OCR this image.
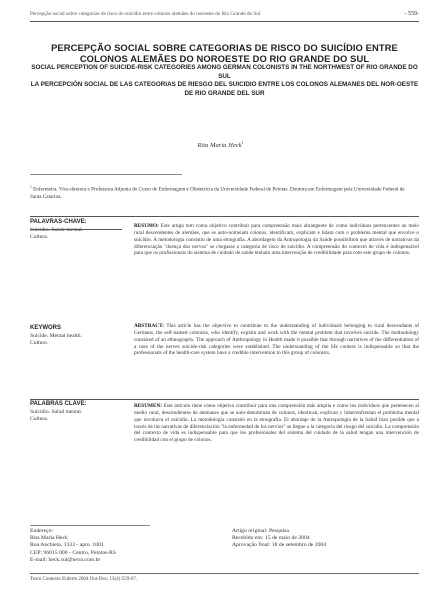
Percepção social sobre categorias de risco do suicídio entre colonos alemães do noroeste do Rio Grande do Sul	- 559-
PERCEPÇÃO SOCIAL SOBRE CATEGORIAS DE RISCO DO SUICÍDIO ENTRE COLONOS ALEMÃES DO NOROESTE DO RIO GRANDE DO SUL
SOCIAL PERCEPTION OF SUICIDE-RISK CATEGORIES AMONG GERMAN COLONISTS IN THE NORTHWEST OF RIO GRANDE DO SUL
LA PERCEPCIÓN SOCIAL DE LAS CATEGORIAS DE RIESGO DEL SUICIDIO ENTRE LOS COLONOS ALEMANES DEL NOR-OESTE DE RIO GRANDE DEL SUR
Rita Maria Heck$^1$
$^1$ Enfermeira. Vice-diretora e Professora Adjunta do Curso de Enfermagem e Obstetrícia da Universidade Federal de Pelotas. Doutora em Enfermagem pela Universidade Federal de Santa Catarina.
PALAVRAS-CHAVE:
Suicídio. Saúde mental.
Cultura.
RESUMO: Este artigo tem como objetivo contribuir para compreensão mais abrangente de como indivíduos pertencentes ao meio rural descendentes de alemães, que se auto-nomeiam colonos, identificam, explicam e lidam com o problema mental que envolve o suicídio. A metodologia consistiu de uma etnografia. A abordagem da Antropologia da Saúde possibilitou que através de narrativas da diferenciação "doença dos nervos" se chegasse a categoria de risco de suicídio. A compreensão do contexto de vida é indispensável para que os profissionais do sistema de cuidado de saúde tenham uma intervenção de credibilidade para com este grupo de colonos.
KEYWORS
Suicide. Mental health.
Culture.
ABSTRACT: This article has the objective to contribute to the understanding of individuals belonging to rural descendants of Germans, the self-named colonists, who identify, explain and work with the mental problem that involves suicide. The methodology consisted of an ethnography. The approach of Anthropology in Health made it possible that through narratives of the differentiation of a case of the nerves suicide-risk categories were established. The understanding of the life context is indispensable so that the professionals of the health-care system have a credible intervention to this group of colonists.
PALABRAS CLAVE:
Suicidio. Salud mental.
Cultura.
RESUMEN: Este artículo tiene como objetivo contribuir para una comprensión más amplia e como los individuos que pertenecen al medio rural, descendientes de alemanes que se auto-denominan de colonos, identican, explican y lidan/enfrentan el problema mental que involucra el suicidio. La metodología consistió en la etnografía. El abordaje de la Antropología de la Salud hizo posible que a través de las narrativas de diferenciación "la enfermedad de los nervios" se llegue a la categoría del riesgo del suicidio. La comprensión del contexto de vida es indispensable para que los profesionales del sistema del cuidado de la salud tengan una intervención de credibilidad con el grupo de colonos.
Endereço:
Rita Maria Heck
Rua Anchieta, 1333 - apto. 1001
CEP: 96015 000 - Centro, Pelotas-RS
E-mail: heck.sul@terra.com.br
Artigo original: Pesquisa
Recebido em: 15 de maio de 2004
Aprovação final: 18 de setembro de 2004
Texto Contexto Enferm 2004 Out-Dez; 13(4):559-67.
